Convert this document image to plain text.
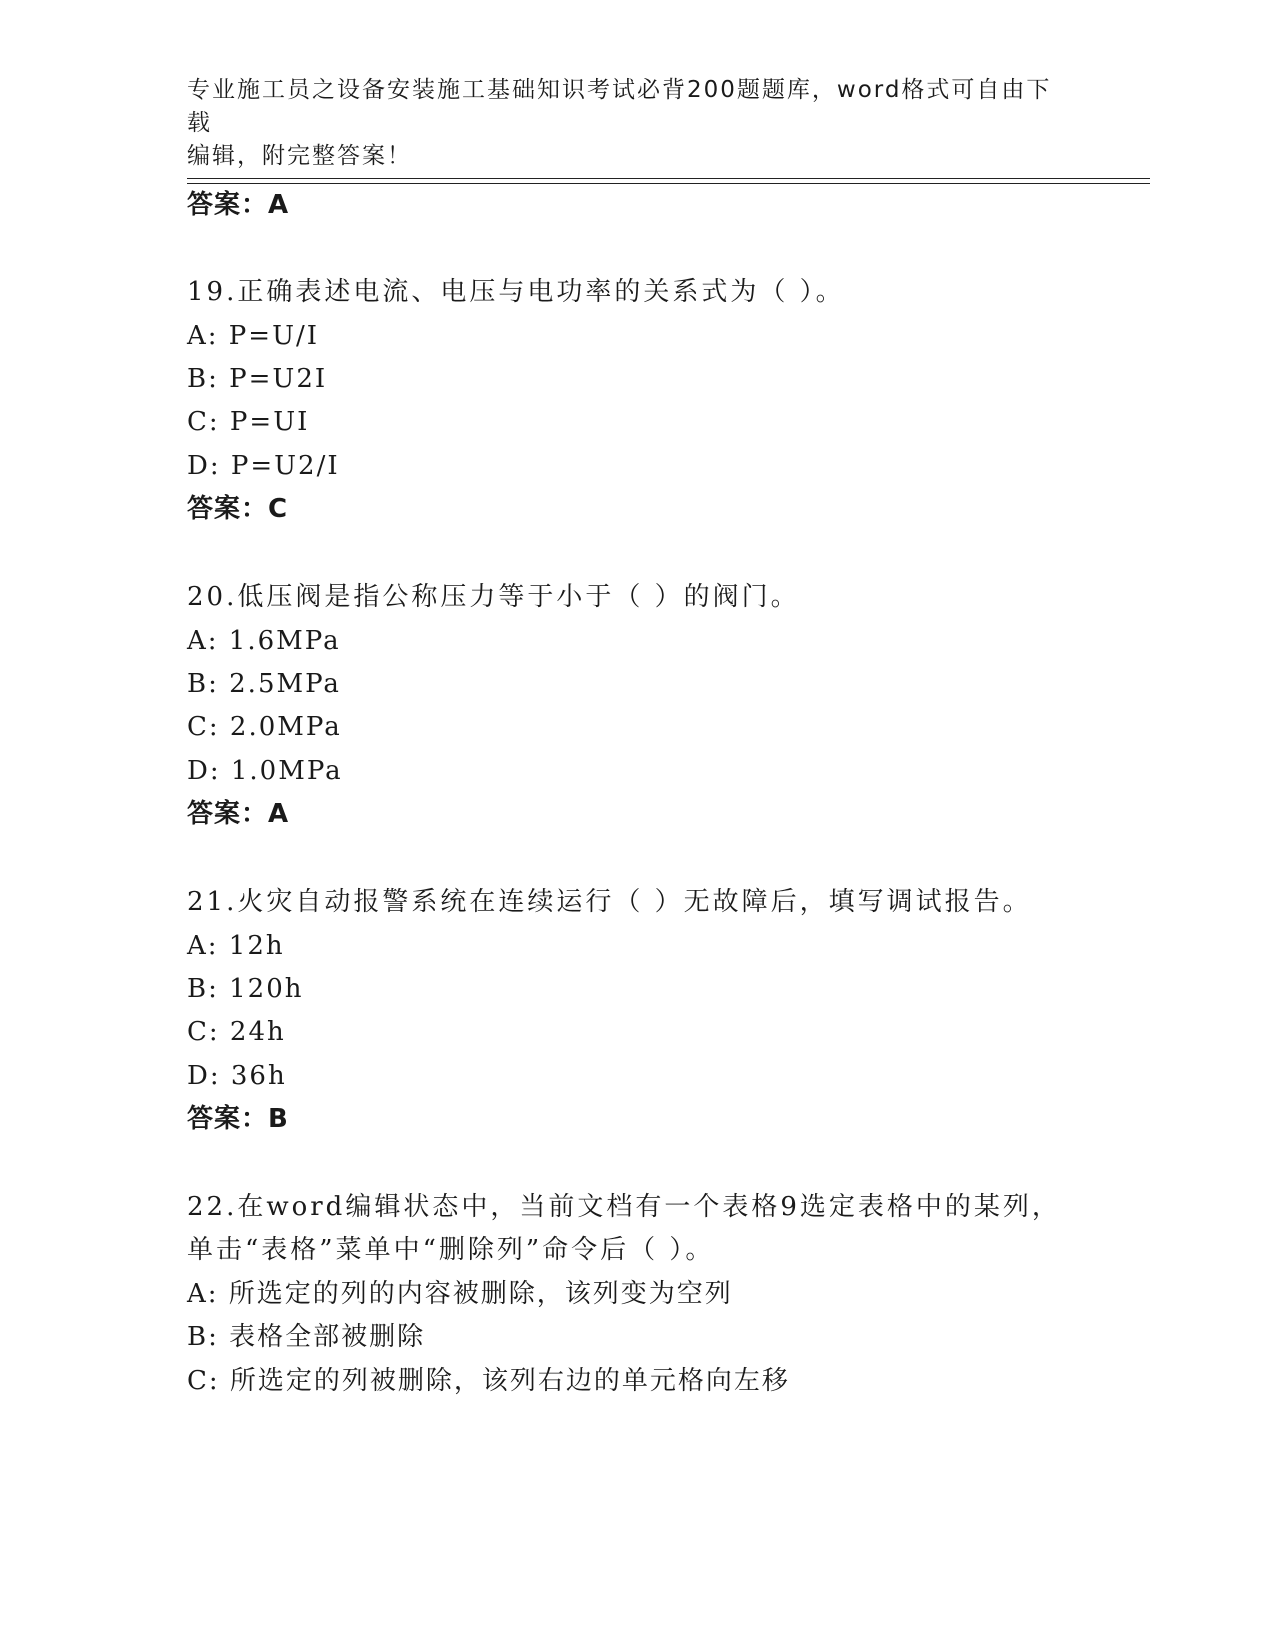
专业施工员之设备安装施工基础知识考试必背200题题库，word格式可自由下载
编辑，附完整答案！
答案：A
19.正确表述电流、电压与电功率的关系式为（ ）。
A: P=U/I
B: P=U2I
C: P=UI
D: P=U2/I
答案：C
20.低压阀是指公称压力等于小于（ ）的阀门。
A: 1.6MPa
B: 2.5MPa
C: 2.0MPa
D: 1.0MPa
答案：A
21.火灾自动报警系统在连续运行（ ）无故障后，填写调试报告。
A: 12h
B: 120h
C: 24h
D: 36h
答案：B
22.在word编辑状态中，当前文档有一个表格9选定表格中的某列，
单击“表格”菜单中“删除列”命令后（ ）。
A: 所选定的列的内容被删除，该列变为空列
B: 表格全部被删除
C: 所选定的列被删除，该列右边的单元格向左移
